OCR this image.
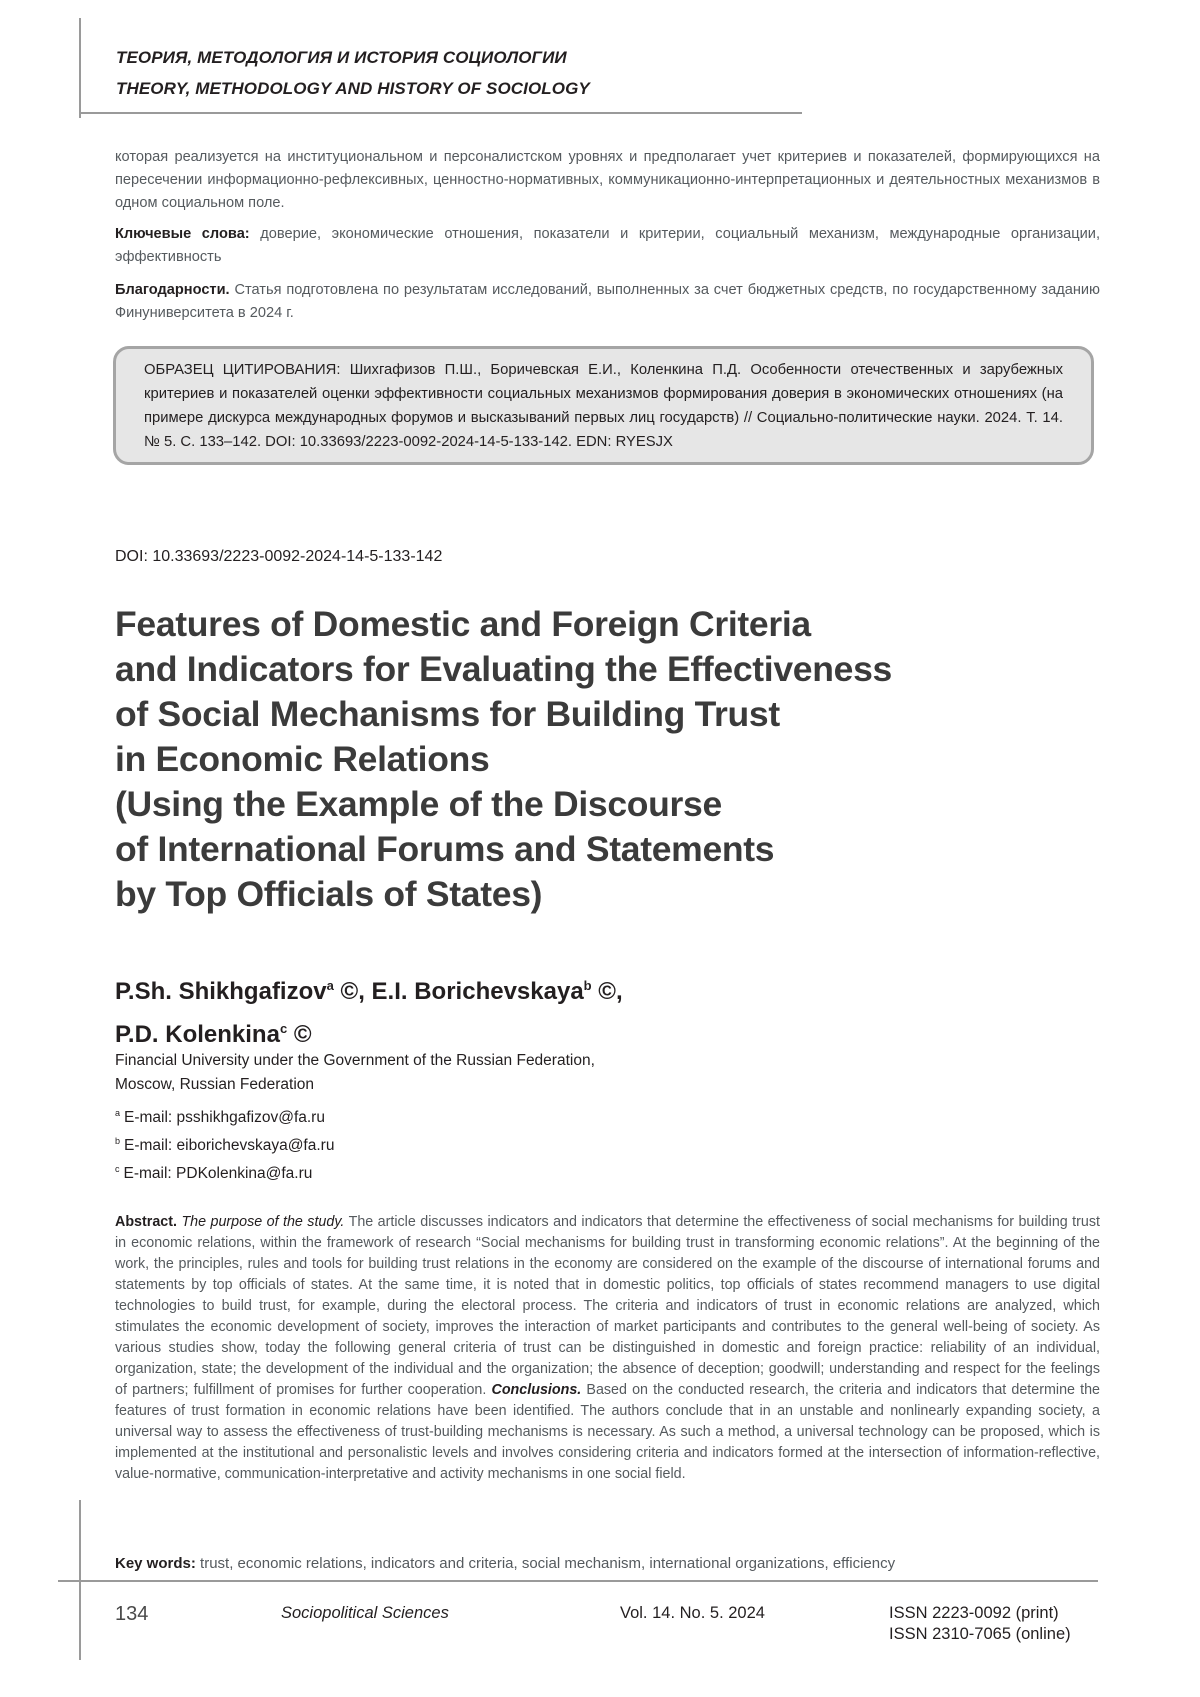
ТЕОРИЯ, МЕТОДОЛОГИЯ И ИСТОРИЯ СОЦИОЛОГИИ
THEORY, METHODOLOGY AND HISTORY OF SOCIOLOGY
которая реализуется на институциональном и персоналистском уровнях и предполагает учет критериев и показателей, формирующихся на пересечении информационно-рефлексивных, ценностно-нормативных, коммуникационно-интерпретационных и деятельностных механизмов в одном социальном поле.
Ключевые слова: доверие, экономические отношения, показатели и критерии, социальный механизм, международные организации, эффективность
Благодарности. Статья подготовлена по результатам исследований, выполненных за счет бюджетных средств, по государственному заданию Финуниверситета в 2024 г.
ОБРАЗЕЦ ЦИТИРОВАНИЯ: Шихгафизов П.Ш., Боричевская Е.И., Коленкина П.Д. Особенности отечественных и зарубежных критериев и показателей оценки эффективности социальных механизмов формирования доверия в экономических отношениях (на примере дискурса международных форумов и высказываний первых лиц государств) // Социально-политические науки. 2024. Т. 14. № 5. С. 133–142. DOI: 10.33693/2223-0092-2024-14-5-133-142. EDN: RYESJX
DOI: 10.33693/2223-0092-2024-14-5-133-142
Features of Domestic and Foreign Criteria
and Indicators for Evaluating the Effectiveness
of Social Mechanisms for Building Trust
in Economic Relations
(Using the Example of the Discourse
of International Forums and Statements
by Top Officials of States)
P.Sh. Shikhgafizov$^a$ ©, E.I. Borichevskaya$^b$ ©,
P.D. Kolenkina$^c$ ©
Financial University under the Government of the Russian Federation,
Moscow, Russian Federation
$^a$ E-mail: psshikhgafizov@fa.ru
$^b$ E-mail: eiborichevskaya@fa.ru
$^c$ E-mail: PDKolenkina@fa.ru
Abstract. The purpose of the study. The article discusses indicators and indicators that determine the effectiveness of social mechanisms for building trust in economic relations, within the framework of research “Social mechanisms for building trust in transforming economic relations”. At the beginning of the work, the principles, rules and tools for building trust relations in the economy are considered on the example of the discourse of international forums and statements by top officials of states. At the same time, it is noted that in domestic politics, top officials of states recommend managers to use digital technologies to build trust, for example, during the electoral process. The criteria and indicators of trust in economic relations are analyzed, which stimulates the economic development of society, improves the interaction of market participants and contributes to the general well-being of society. As various studies show, today the following general criteria of trust can be distinguished in domestic and foreign practice: reliability of an individual, organization, state; the development of the individual and the organization; the absence of deception; goodwill; understanding and respect for the feelings of partners; fulfillment of promises for further cooperation. Conclusions. Based on the conducted research, the criteria and indicators that determine the features of trust formation in economic relations have been identified. The authors conclude that in an unstable and nonlinearly expanding society, a universal way to assess the effectiveness of trust-building mechanisms is necessary. As such a method, a universal technology can be proposed, which is implemented at the institutional and personalistic levels and involves considering criteria and indicators formed at the intersection of information-reflective, value-normative, communication-interpretative and activity mechanisms in one social field.
Key words: trust, economic relations, indicators and criteria, social mechanism, international organizations, efficiency
134	Sociopolitical Sciences	Vol. 14. No. 5. 2024	ISSN 2223-0092 (print)
ISSN 2310-7065 (online)
